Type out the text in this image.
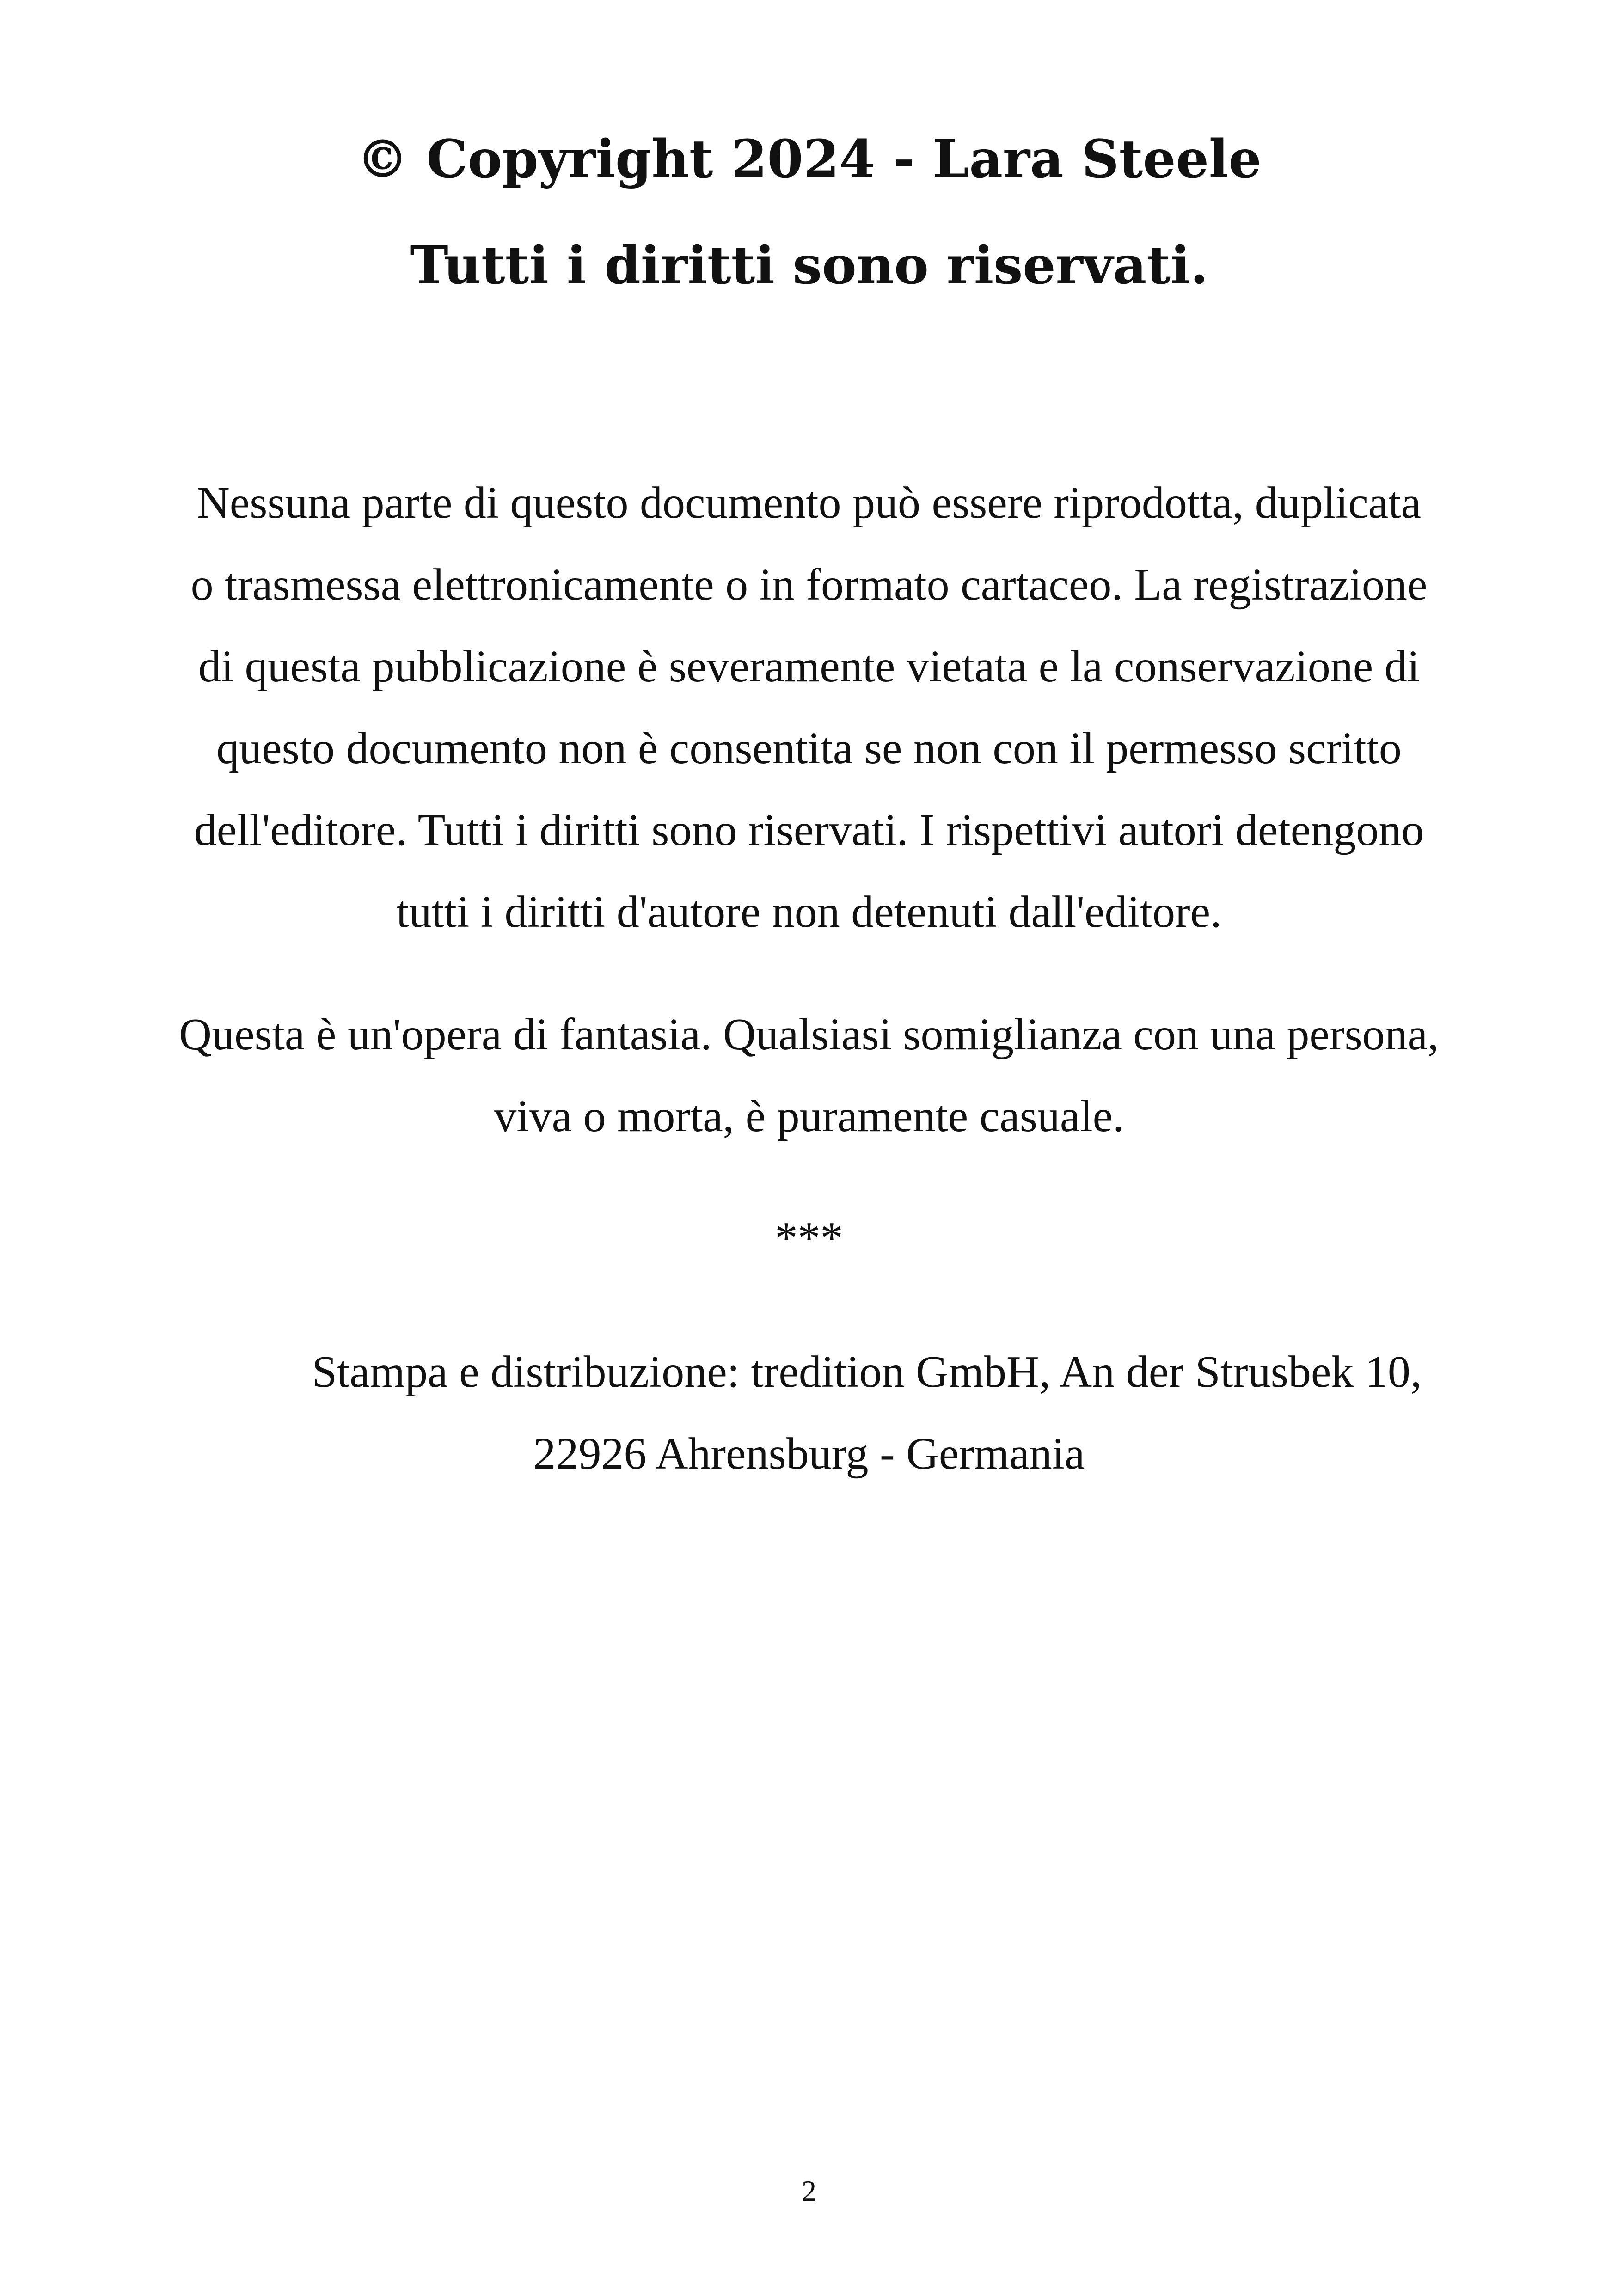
© Copyright 2024 - Lara Steele

Tutti i diritti sono riservati.

Nessuna parte di questo documento può essere riprodotta, duplicata

o trasmessa elettronicamente o in formato cartaceo. La registrazione

di questa pubblicazione è severamente vietata e la conservazione di

questo documento non è consentita se non con il permesso scritto

dell'editore. Tutti i diritti sono riservati. I rispettivi autori detengono

tutti i diritti d'autore non detenuti dall'editore.

Questa è un'opera di fantasia. Qualsiasi somiglianza con una persona,

viva o morta, è puramente casuale.

***

Stampa e distribuzione: tredition GmbH, An der Strusbek 10,

22926 Ahrensburg - Germania

2
